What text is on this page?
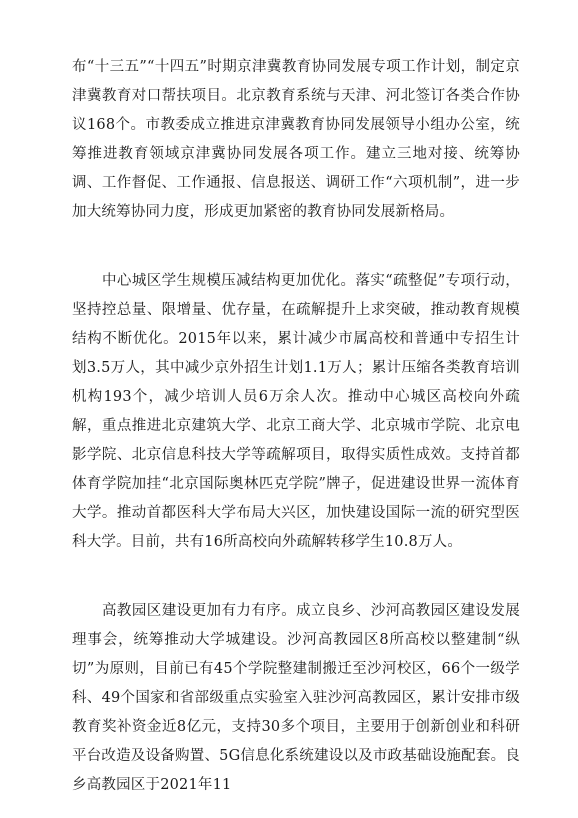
布“十三五”“十四五”时期京津冀教育协同发展专项工作计划，制定京津冀教育对口帮扶项目。北京教育系统与天津、河北签订各类合作协议168个。市教委成立推进京津冀教育协同发展领导小组办公室，统筹推进教育领域京津冀协同发展各项工作。建立三地对接、统筹协调、工作督促、工作通报、信息报送、调研工作“六项机制”，进一步加大统筹协同力度，形成更加紧密的教育协同发展新格局。

中心城区学生规模压减结构更加优化。落实“疏整促”专项行动，坚持控总量、限增量、优存量，在疏解提升上求突破，推动教育规模结构不断优化。2015年以来，累计减少市属高校和普通中专招生计划3.5万人，其中减少京外招生计划1.1万人；累计压缩各类教育培训机构193个，减少培训人员6万余人次。推动中心城区高校向外疏解，重点推进北京建筑大学、北京工商大学、北京城市学院、北京电影学院、北京信息科技大学等疏解项目，取得实质性成效。支持首都体育学院加挂“北京国际奥林匹克学院”牌子，促进建设世界一流体育大学。推动首都医科大学布局大兴区，加快建设国际一流的研究型医科大学。目前，共有16所高校向外疏解转移学生10.8万人。

高教园区建设更加有力有序。成立良乡、沙河高教园区建设发展理事会，统筹推动大学城建设。沙河高教园区8所高校以整建制“纵切”为原则，目前已有45个学院整建制搬迁至沙河校区，66个一级学科、49个国家和省部级重点实验室入驻沙河高教园区，累计安排市级教育奖补资金近8亿元，支持30多个项目，主要用于创新创业和科研平台改造及设备购置、5G信息化系统建设以及市政基础设施配套。良乡高教园区于2021年11
